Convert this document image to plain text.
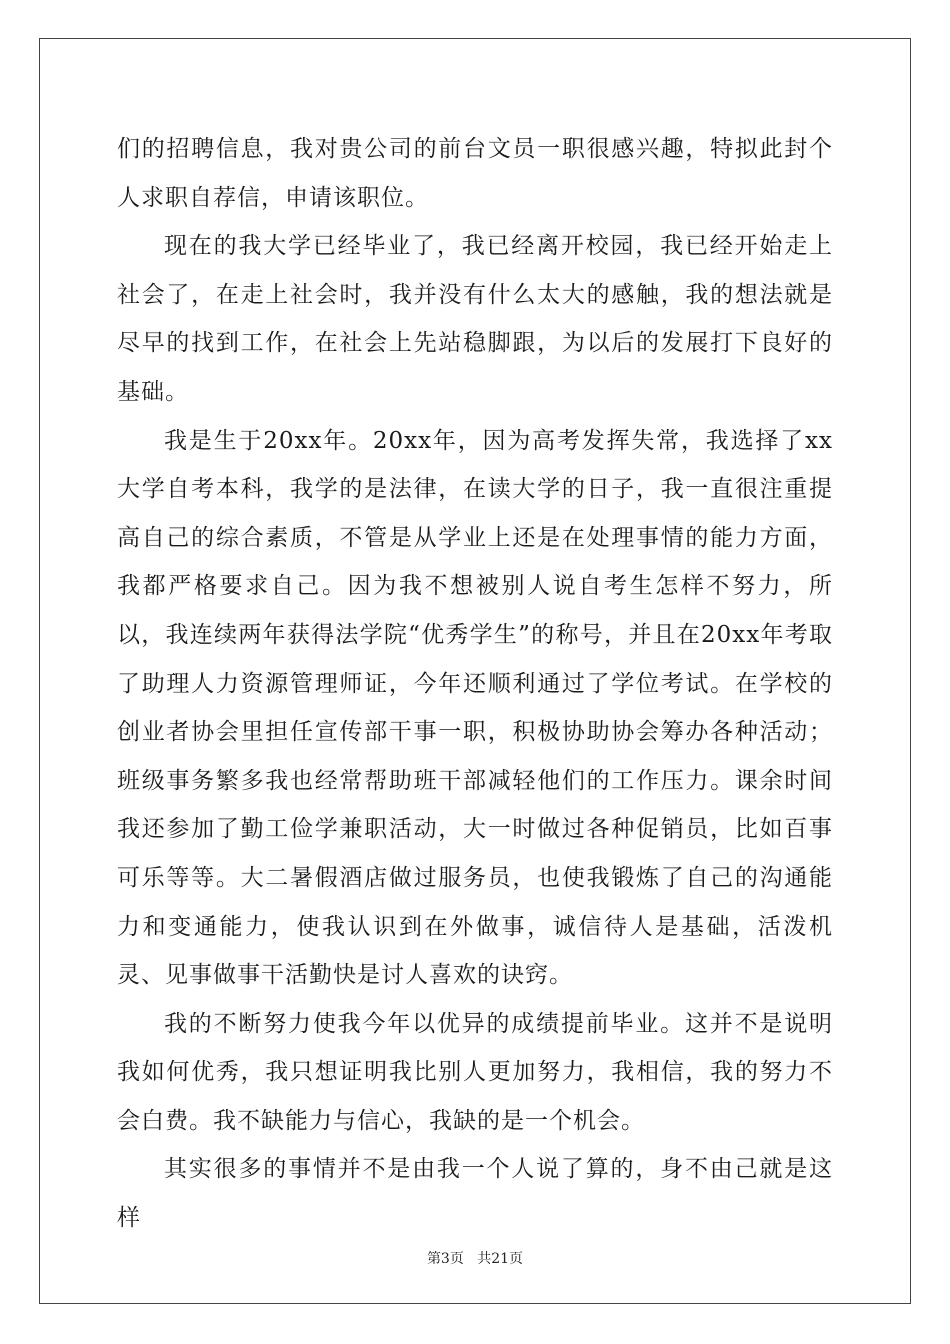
们的招聘信息，我对贵公司的前台文员一职很感兴趣，特拟此封个人求职自荐信，申请该职位。

现在的我大学已经毕业了，我已经离开校园，我已经开始走上社会了，在走上社会时，我并没有什么太大的感触，我的想法就是尽早的找到工作，在社会上先站稳脚跟，为以后的发展打下良好的基础。

我是生于20xx年。20xx年，因为高考发挥失常，我选择了xx大学自考本科，我学的是法律，在读大学的日子，我一直很注重提高自己的综合素质，不管是从学业上还是在处理事情的能力方面，我都严格要求自己。因为我不想被别人说自考生怎样不努力，所以，我连续两年获得法学院“优秀学生”的称号，并且在20xx年考取了助理人力资源管理师证，今年还顺利通过了学位考试。在学校的创业者协会里担任宣传部干事一职，积极协助协会筹办各种活动；班级事务繁多我也经常帮助班干部减轻他们的工作压力。课余时间我还参加了勤工俭学兼职活动，大一时做过各种促销员，比如百事可乐等等。大二暑假酒店做过服务员，也使我锻炼了自己的沟通能力和变通能力，使我认识到在外做事，诚信待人是基础，活泼机灵、见事做事干活勤快是讨人喜欢的诀窍。

我的不断努力使我今年以优异的成绩提前毕业。这并不是说明我如何优秀，我只想证明我比别人更加努力，我相信，我的努力不会白费。我不缺能力与信心，我缺的是一个机会。

其实很多的事情并不是由我一个人说了算的，身不由己就是这样

第3页 共21页
